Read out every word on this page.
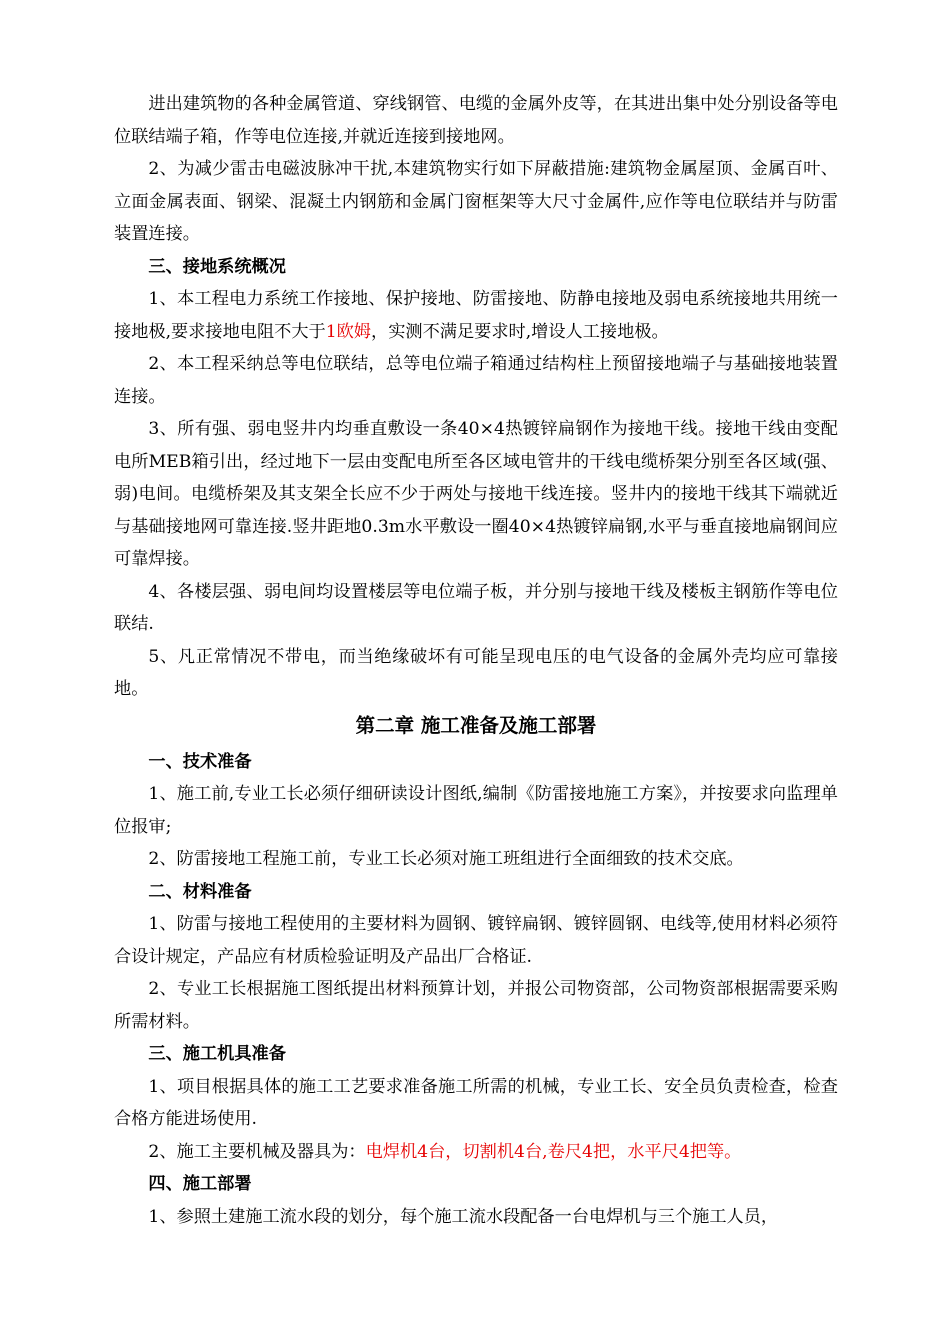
进出建筑物的各种金属管道、穿线钢管、电缆的金属外皮等，在其进出集中处分别设备等电位联结端子箱，作等电位连接,并就近连接到接地网。

2、为减少雷击电磁波脉冲干扰,本建筑物实行如下屏蔽措施:建筑物金属屋顶、金属百叶、立面金属表面、钢梁、混凝土内钢筋和金属门窗框架等大尺寸金属件,应作等电位联结并与防雷装置连接。

三、接地系统概况

1、本工程电力系统工作接地、保护接地、防雷接地、防静电接地及弱电系统接地共用统一接地极,要求接地电阻不大于1欧姆，实测不满足要求时,增设人工接地极。

2、本工程采纳总等电位联结，总等电位端子箱通过结构柱上预留接地端子与基础接地装置连接。

3、所有强、弱电竖井内均垂直敷设一条40×4热镀锌扁钢作为接地干线。接地干线由变配电所MEB箱引出，经过地下一层由变配电所至各区域电管井的干线电缆桥架分别至各区域(强、弱)电间。电缆桥架及其支架全长应不少于两处与接地干线连接。竖井内的接地干线其下端就近与基础接地网可靠连接.竖井距地0.3m水平敷设一圈40×4热镀锌扁钢,水平与垂直接地扁钢间应可靠焊接。

4、各楼层强、弱电间均设置楼层等电位端子板，并分别与接地干线及楼板主钢筋作等电位联结.

5、凡正常情况不带电，而当绝缘破坏有可能呈现电压的电气设备的金属外壳均应可靠接地。

第二章 施工准备及施工部署

一、技术准备

1、施工前,专业工长必须仔细研读设计图纸,编制《防雷接地施工方案》，并按要求向监理单位报审;

2、防雷接地工程施工前，专业工长必须对施工班组进行全面细致的技术交底。

二、材料准备

1、防雷与接地工程使用的主要材料为圆钢、镀锌扁钢、镀锌圆钢、电线等,使用材料必须符合设计规定，产品应有材质检验证明及产品出厂合格证.

2、专业工长根据施工图纸提出材料预算计划，并报公司物资部，公司物资部根据需要采购所需材料。

三、施工机具准备

1、项目根据具体的施工工艺要求准备施工所需的机械，专业工长、安全员负责检查，检查合格方能进场使用.

2、施工主要机械及器具为：电焊机4台，切割机4台,卷尺4把，水平尺4把等。

四、施工部署

1、参照土建施工流水段的划分，每个施工流水段配备一台电焊机与三个施工人员，
